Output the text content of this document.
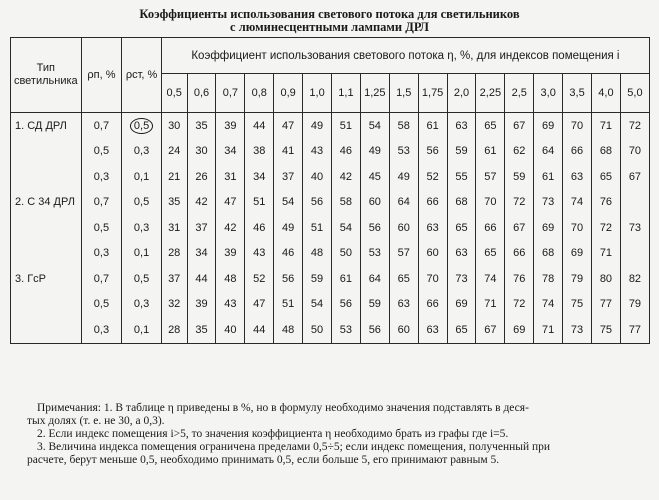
Коэффициенты использования светового потока для светильников
с люминесцентными лампами ДРЛ
Тип светильника	ρп, %	ρст, %	Коэффициент использования светового потока η, %, для индексов помещения i																
			0,5	0,6	0,7	0,8	0,9	1,0	1,1	1,25	1,5	1,75	2,0	2,25	2,5	3,0	3,5	4,0	5,0
1. СД ДРЛ	0,7	0,5	30	35	39	44	47	49	51	54	58	61	63	65	67	69	70	71	72
	0,5	0,3	24	30	34	38	41	43	46	49	53	56	59	61	62	64	66	68	70
	0,3	0,1	21	26	31	34	37	40	42	45	49	52	55	57	59	61	63	65	67
2. С 34 ДРЛ	0,7	0,5	35	42	47	51	54	56	58	60	64	66	68	70	72	73	74	76	
	0,5	0,3	31	37	42	46	49	51	54	56	60	63	65	66	67	69	70	72	73
	0,3	0,1	28	34	39	43	46	48	50	53	57	60	63	65	66	68	69	71	
3. ГсР	0,7	0,5	37	44	48	52	56	59	61	64	65	70	73	74	76	78	79	80	82
	0,5	0,3	32	39	43	47	51	54	56	59	63	66	69	71	72	74	75	77	79
	0,3	0,1	28	35	40	44	48	50	53	56	60	63	65	67	69	71	73	75	77

Примечания: 1. В таблице η приведены в %, но в формулу необходимо значения подставлять в деся-

тых долях (т. е. не 30, а 0,3).

2. Если индекс помещения i>5, то значения коэффициента η необходимо брать из графы где i=5.

3. Величина индекса помещения ограничена пределами 0,5÷5; если индекс помещения, полученный при

расчете, берут меньше 0,5, необходимо принимать 0,5, если больше 5, его принимают равным 5.
